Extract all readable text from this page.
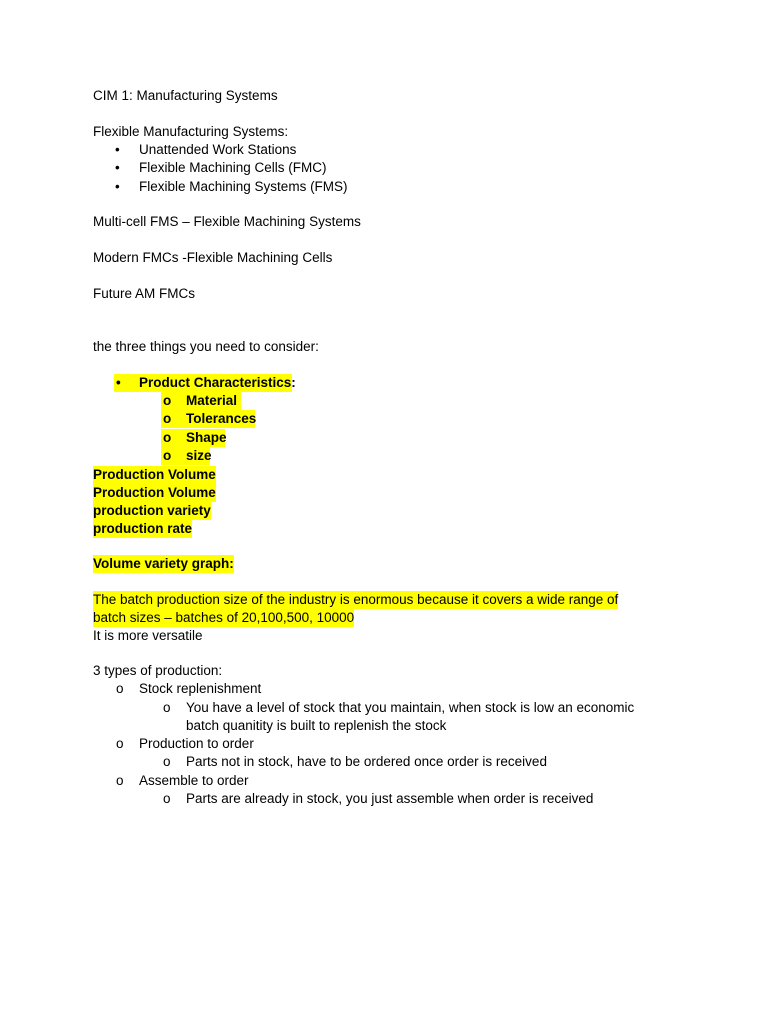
CIM 1: Manufacturing Systems
Flexible Manufacturing Systems:
• Unattended Work Stations
• Flexible Machining Cells (FMC)
• Flexible Machining Systems (FMS)
Multi-cell FMS – Flexible Machining Systems
Modern FMCs -Flexible Machining Cells
Future AM FMCs
the three things you need to consider:
• Product Characteristics:
o Material
o Tolerances
o Shape
o size
Production Volume
Production Volume
production variety
production rate
Volume variety graph:
The batch production size of the industry is enormous because it covers a wide range of
batch sizes – batches of 20,100,500, 10000
It is more versatile
3 types of production:
o Stock replenishment
o You have a level of stock that you maintain, when stock is low an economic
batch quanitity is built to replenish the stock
o Production to order
o Parts not in stock, have to be ordered once order is received
o Assemble to order
o Parts are already in stock, you just assemble when order is received
